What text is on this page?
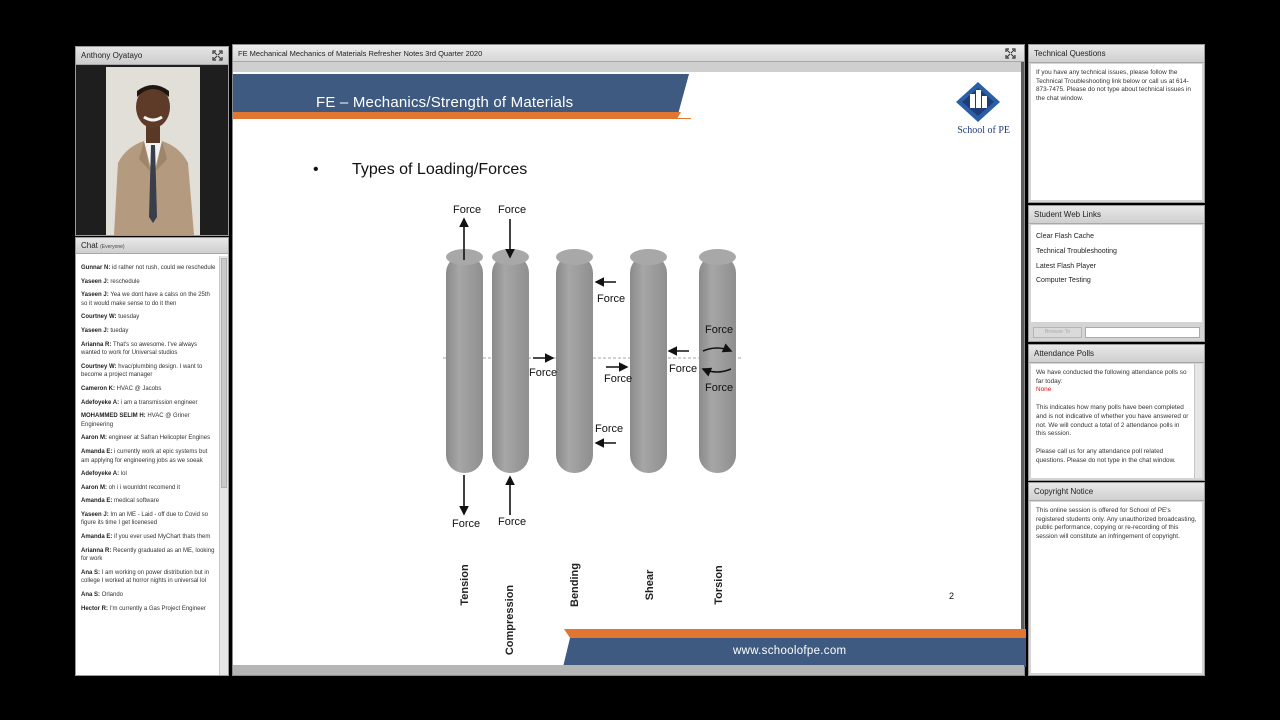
Anthony Oyatayo
Chat (Everyone)
Gunnar N: id rather not rush, could we reschedule
Yaseen J: reschedule
Yaseen J: Yea we dont have a calss on the 25th so it would make sense to do it then
Courtney W: tuesday
Yaseen J: tueday
Arianna R: That's so awesome. I've always wanted to work for Universal studios
Courtney W: hvac/plumbing design. I want to become a project manager
Cameron K: HVAC @ Jacobs
Adefoyeke A: i am a transmission engineer
MOHAMMED SELIM H: HVAC @ Griner Engineering
Aaron M: engineer at Safran Helicopter Engines
Amanda E: i currently work at epic systems but am applying for engineering jobs as we soeak
Adefoyeke A: lol
Aaron M: oh i i wounldnt recomend it
Amanda E: medical software
Yaseen J: Im an ME - Laid - off due to Covid so figure its time I get licenesed
Amanda E: if you ever used MyChart thats them
Arianna R: Recently graduated as an ME, looking for work
Ana S: I am working on power distribution but in college I worked at horror nights in universal lol
Ana S: Orlando
Hector R: I'm currently a Gas Project Engineer
FE Mechanical Mechanics of Materials Refresher Notes 3rd Quarter 2020
FE – Mechanics/Strength of Materials
School of PE
• Types of Loading/Forces
Force Force
Force
Force
Force
Force
Force
Force
Force
Force Force
Tension	Compression	Bending	Shear	Torsion	2
www.schoolofpe.com
Technical Questions
If you have any technical issues, please follow the Technical Troubleshooting link below or call us at 614-873-7475. Please do not type about technical issues in the chat window.
Student Web Links
Clear Flash Cache
Technical Troubleshooting
Latest Flash Player
Computer Testing
Browse To
Attendance Polls
We have conducted the following attendance polls so far today:
None
This indicates how many polls have been completed and is not indicative of whether you have answered or not. We will conduct a total of 2 attendance polls in this session.
Please call us for any attendance poll related questions. Please do not type in the chat window.
Copyright Notice
This online session is offered for School of PE's registered students only. Any unauthorized broadcasting, public performance, copying or re-recording of this session will constitute an infringement of copyright.
